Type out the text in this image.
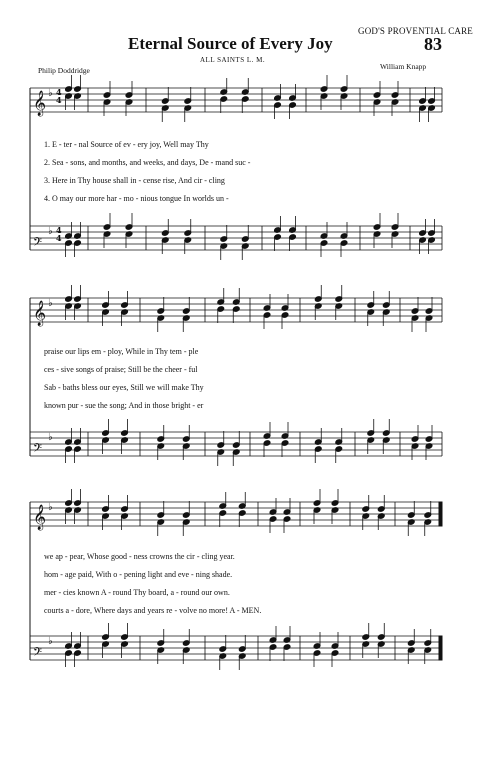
GOD'S PROVENTIAL CARE
Eternal Source of Every Joy	83
ALL SAINTS L. M.
Philip Doddridge	William Knapp
𝄞 ♭ 4
4
𝄢
♭ 4
4
𝄞 ♭
𝄢
♭
𝄞 ♭
𝄢
♭
1. E - ter - nal Source of ev - ery joy, Well may Thy
2. Sea - sons, and months, and weeks, and days, De - mand suc -
3. Here in Thy house shall in - cense rise, And cir - cling
4. O may our more har - mo - nious tongue In worlds un -
praise our lips em - ploy, While in Thy tem - ple
ces - sive songs of praise; Still be the cheer - ful
Sab - baths bless our eyes, Still we will make Thy
known pur - sue the song; And in those bright - er
we ap - pear, Whose good - ness crowns the cir - cling year.
hom - age paid, With o - pening light and eve - ning shade.
mer - cies known A - round Thy board, a - round our own.
courts a - dore, Where days and years re - volve no more! A - MEN.
